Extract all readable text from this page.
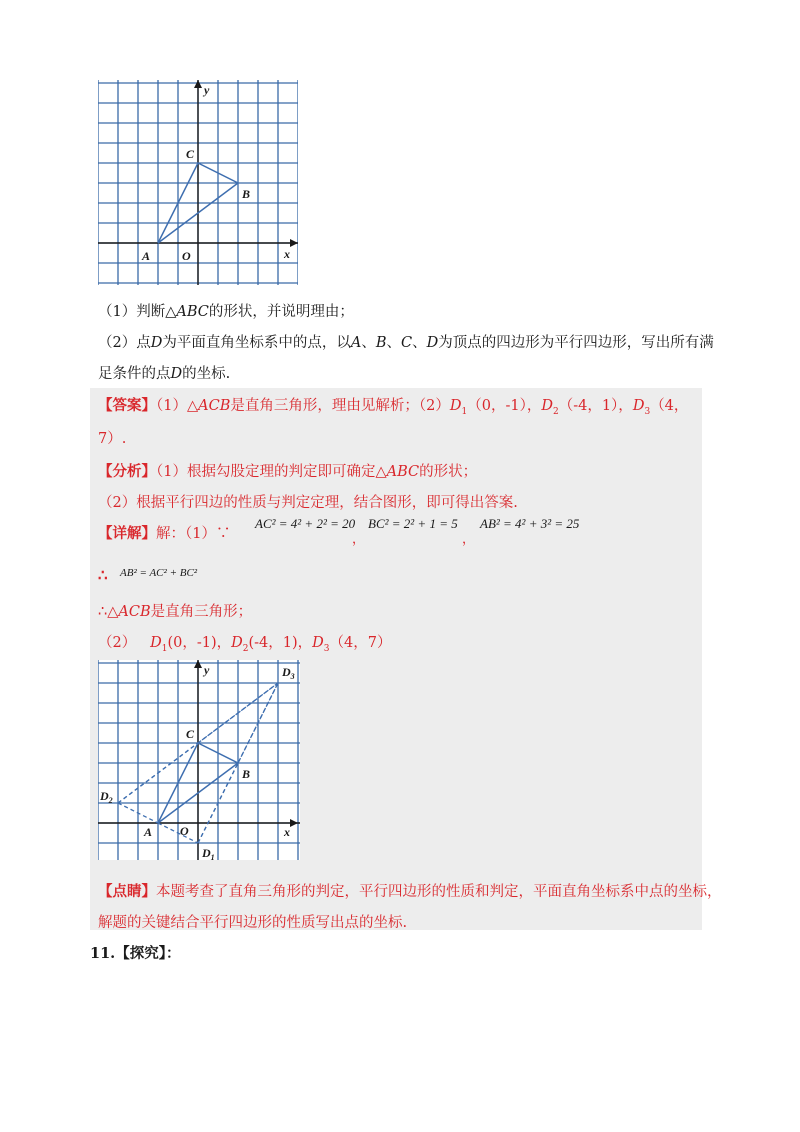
y
x
A	O
B
C
（1）判断△ABC的形状，并说明理由；
（2）点D为平面直角坐标系中的点，以A、B、C、D为顶点的四边形为平行四边形，写出所有满
足条件的点D的坐标.
【答案】（1）△ACB是直角三角形，理由见解析；$(2)D_1(0$，-1），$D_2(-4$，1），$D_3(4$，
7）.
【分析】（1）根据勾股定理的判定即可确定△ABC的形状；
（2）根据平行四边的性质与判定定理，结合图形，即可得出答案.
【详解】解：（1）∵
AC² = 4² + 2² = 20
，
BC² = 2² + 1 = 5
，
AB² = 4² + 3² = 25
∴ AB² = AC² + BC²
∴△ACB是直角三角形；
（2） $D_1(0$，-1)，$D_2(-4$，1)，$D_3(4$，7）
y
x
A O
B
C
$D_1$
$D_2$
$D_3$
【点睛】本题考查了直角三角形的判定，平行四边形的性质和判定，平面直角坐标系中点的坐标，
解题的关键结合平行四边形的性质写出点的坐标.
11.【探究】：
